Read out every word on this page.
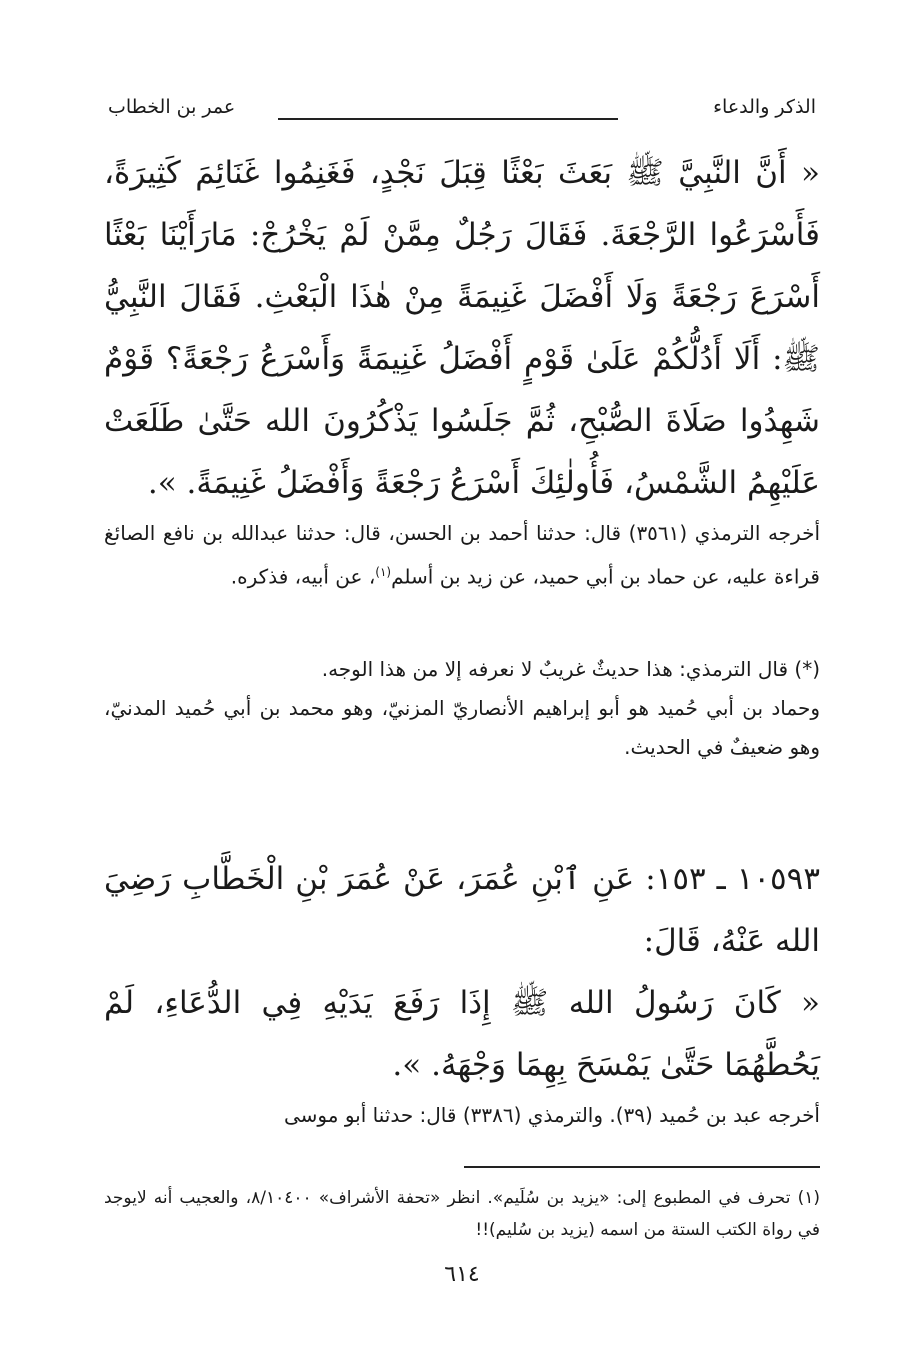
الذكر والدعاء
عمر بن الخطاب
« أَنَّ النَّبِيَّ ﷺ بَعَثَ بَعْثًا قِبَلَ نَجْدٍ، فَغَنِمُوا غَنَائِمَ كَثِيرَةً، فَأَسْرَعُوا الرَّجْعَةَ. فَقَالَ رَجُلٌ مِمَّنْ لَمْ يَخْرُجْ: مَارَأَيْنَا بَعْثًا أَسْرَعَ رَجْعَةً وَلَا أَفْضَلَ غَنِيمَةً مِنْ هٰذَا الْبَعْثِ. فَقَالَ النَّبِيُّ ﷺ: أَلَا أَدُلُّكُمْ عَلَىٰ قَوْمٍ أَفْضَلُ غَنِيمَةً وَأَسْرَعُ رَجْعَةً؟ قَوْمٌ شَهِدُوا صَلَاةَ الصُّبْحِ، ثُمَّ جَلَسُوا يَذْكُرُونَ الله حَتَّىٰ طَلَعَتْ عَلَيْهِمُ الشَّمْسُ، فَأُولٰئِكَ أَسْرَعُ رَجْعَةً وَأَفْضَلُ غَنِيمَةً. ».

أخرجه الترمذي (٣٥٦١) قال: حدثنا أحمد بن الحسن، قال: حدثنا عبدالله بن نافع الصائغ قراءة عليه، عن حماد بن أبي حميد، عن زيد بن أسلم$^{(١)}$، عن أبيه، فذكره.

(*) قال الترمذي: هذا حديثٌ غريبٌ لا نعرفه إلا من هذا الوجه.

وحماد بن أبي حُميد هو أبو إبراهيم الأنصاريّ المزنيّ، وهو محمد بن أبي حُميد المدنيّ، وهو ضعيفٌ في الحديث.

١٠٥٩٣ ـ ١٥٣: عَنِ ٱبْنِ عُمَرَ، عَنْ عُمَرَ بْنِ الْخَطَّابِ رَضِيَ الله عَنْهُ، قَالَ:
« كَانَ رَسُولُ الله ﷺ إِذَا رَفَعَ يَدَيْهِ فِي الدُّعَاءِ، لَمْ يَحُطَّهُمَا حَتَّىٰ يَمْسَحَ بِهِمَا وَجْهَهُ. ».
أخرجه عبد بن حُميد (٣٩). والترمذي (٣٣٨٦) قال: حدثنا أبو موسى
(١) تحرف في المطبوع إلى: «يزيد بن سُلَيم». انظر «تحفة الأشراف» ٨/١٠٤٠٠، والعجيب أنه لايوجد في رواة الكتب الستة من اسمه (يزيد بن سُليم)!!
٦١٤
